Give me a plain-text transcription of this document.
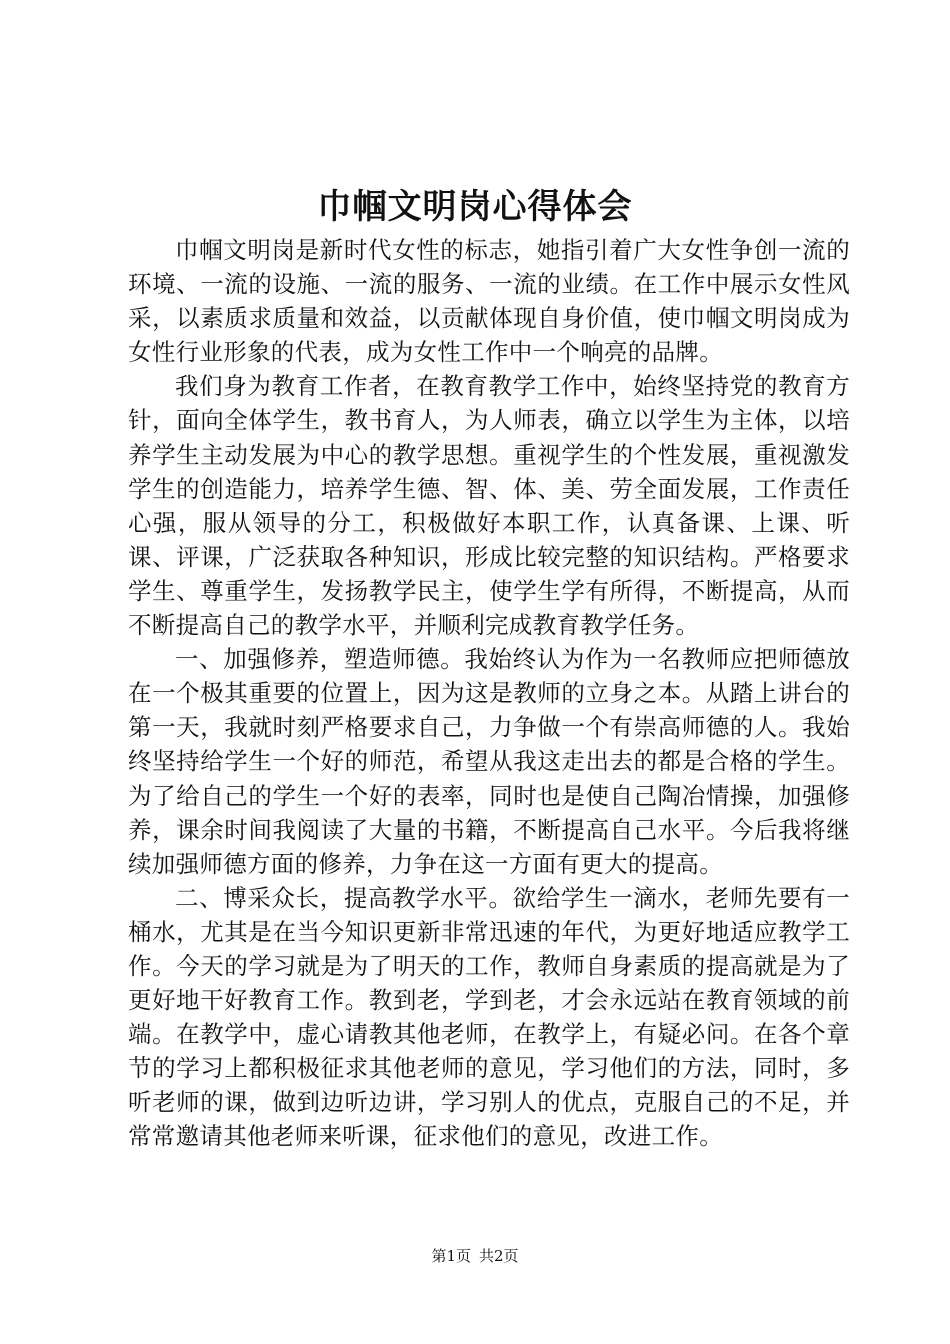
巾帼文明岗心得体会

巾帼文明岗是新时代女性的标志，她指引着广大女性争创一流的环境、一流的设施、一流的服务、一流的业绩。在工作中展示女性风采，以素质求质量和效益，以贡献体现自身价值，使巾帼文明岗成为女性行业形象的代表，成为女性工作中一个响亮的品牌。

我们身为教育工作者，在教育教学工作中，始终坚持党的教育方针，面向全体学生，教书育人，为人师表，确立以学生为主体，以培养学生主动发展为中心的教学思想。重视学生的个性发展，重视激发学生的创造能力，培养学生德、智、体、美、劳全面发展，工作责任心强，服从领导的分工，积极做好本职工作，认真备课、上课、听课、评课，广泛获取各种知识，形成比较完整的知识结构。严格要求学生、尊重学生，发扬教学民主，使学生学有所得，不断提高，从而不断提高自己的教学水平，并顺利完成教育教学任务。

一、加强修养，塑造师德。我始终认为作为一名教师应把师德放在一个极其重要的位置上，因为这是教师的立身之本。从踏上讲台的第一天，我就时刻严格要求自己，力争做一个有崇高师德的人。我始终坚持给学生一个好的师范，希望从我这走出去的都是合格的学生。为了给自己的学生一个好的表率，同时也是使自己陶冶情操，加强修养，课余时间我阅读了大量的书籍，不断提高自己水平。今后我将继续加强师德方面的修养，力争在这一方面有更大的提高。

二、博采众长，提高教学水平。欲给学生一滴水，老师先要有一桶水，尤其是在当今知识更新非常迅速的年代，为更好地适应教学工作。今天的学习就是为了明天的工作，教师自身素质的提高就是为了更好地干好教育工作。教到老，学到老，才会永远站在教育领域的前端。在教学中，虚心请教其他老师，在教学上，有疑必问。在各个章节的学习上都积极征求其他老师的意见，学习他们的方法，同时，多听老师的课，做到边听边讲，学习别人的优点，克服自己的不足，并常常邀请其他老师来听课，征求他们的意见，改进工作。

第1页 共2页
